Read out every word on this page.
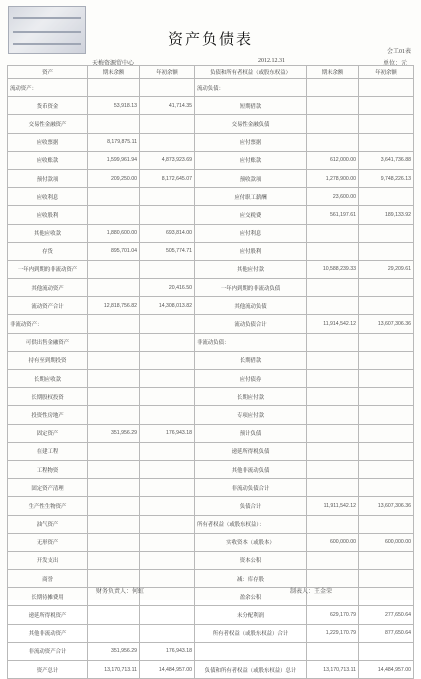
资产负债表
会工01表
天梅资源贸中心	2012.12.31	单位：元
资产	期末余额	年初余额	负债和所有者权益（或股东权益）	期末余额	年初余额
流动资产：			流动负债：		
货币资金	53,918.13	41,714.35	短期借款		
交易性金融资产			交易性金融负债		
应收票据	8,179,875.11		应付票据		
应收账款	1,599,961.94	4,873,923.69	应付账款	612,000.00	3,641,736.88
预付款项	209,250.00	8,172,645.07	预收款项	1,278,900.00	9,748,226.13
应收利息			应付职工薪酬	23,600.00	
应收股利			应交税费	561,197.61	189,133.92
其他应收款	1,880,600.00	693,814.00	应付利息		
存货	895,701.04	505,774.71	应付股利		
一年内到期的非流动资产			其他应付款	10,588,239.33	29,209.61
其他流动资产		20,416.50	一年内到期的非流动负债		
流动资产合计	12,818,756.82	14,308,013.82	其他流动负债		
非流动资产：			流动负债合计	11,914,542.12	13,607,306.36
可供出售金融资产			非流动负债：		
持有至到期投资			长期借款		
长期应收款			应付债券		
长期股权投资			长期应付款		
投资性房地产			专项应付款		
固定资产	351,956.29	176,943.18	预计负债		
在建工程			递延所得税负债		
工程物资			其他非流动负债		
固定资产清理			非流动负债合计		
生产性生物资产			负债合计	11,911,542.12	13,607,306.36
油气资产			所有者权益（或股东权益）：		
无形资产			实收资本（或股本）	600,000.00	600,000.00
开发支出			资本公积		
商誉			减：库存股		
长期待摊费用			盈余公积		
递延所得税资产			未分配利润	629,170.79	277,650.64
其他非流动资产			所有者权益（或股东权益）合计	1,229,170.79	877,650.64
非流动资产合计	351,956.29	176,943.18			
资产总计	13,170,713.11	14,484,957.00	负债和所有者权益（或股东权益）总计	13,170,713.11	14,484,957.00
财务负责人：何虹	制表人：王金荣
